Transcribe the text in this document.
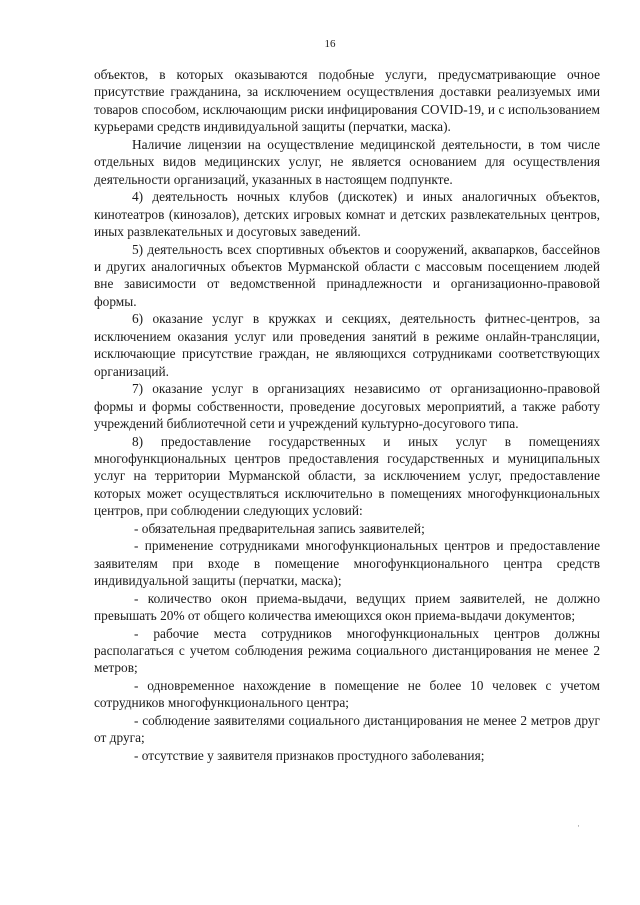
16

объектов, в которых оказываются подобные услуги, предусматривающие очное присутствие гражданина, за исключением осуществления доставки реализуемых ими товаров способом, исключающим риски инфицирования COVID-19, и с использованием курьерами средств индивидуальной защиты (перчатки, маска).

Наличие лицензии на осуществление медицинской деятельности, в том числе отдельных видов медицинских услуг, не является основанием для осуществления деятельности организаций, указанных в настоящем подпункте.

4) деятельность ночных клубов (дискотек) и иных аналогичных объектов, кинотеатров (кинозалов), детских игровых комнат и детских развлекательных центров, иных развлекательных и досуговых заведений.

5) деятельность всех спортивных объектов и сооружений, аквапарков, бассейнов и других аналогичных объектов Мурманской области с массовым посещением людей вне зависимости от ведомственной принадлежности и организационно-правовой формы.

6) оказание услуг в кружках и секциях, деятельность фитнес-центров, за исключением оказания услуг или проведения занятий в режиме онлайн-трансляции, исключающие присутствие граждан, не являющихся сотрудниками соответствующих организаций.

7) оказание услуг в организациях независимо от организационно-правовой формы и формы собственности, проведение досуговых мероприятий, а также работу учреждений библиотечной сети и учреждений культурно-досугового типа.

8) предоставление государственных и иных услуг в помещениях многофункциональных центров предоставления государственных и муниципальных услуг на территории Мурманской области, за исключением услуг, предоставление которых может осуществляться исключительно в помещениях многофункциональных центров, при соблюдении следующих условий:

- обязательная предварительная запись заявителей;

- применение сотрудниками многофункциональных центров и предоставление заявителям при входе в помещение многофункционального центра средств индивидуальной защиты (перчатки, маска);

- количество окон приема-выдачи, ведущих прием заявителей, не должно превышать 20% от общего количества имеющихся окон приема-выдачи документов;

- рабочие места сотрудников многофункциональных центров должны располагаться с учетом соблюдения режима социального дистанцирования не менее 2 метров;

- одновременное нахождение в помещение не более 10 человек с учетом сотрудников многофункционального центра;

- соблюдение заявителями социального дистанцирования не менее 2 метров друг от друга;

- отсутствие у заявителя признаков простудного заболевания;

·
